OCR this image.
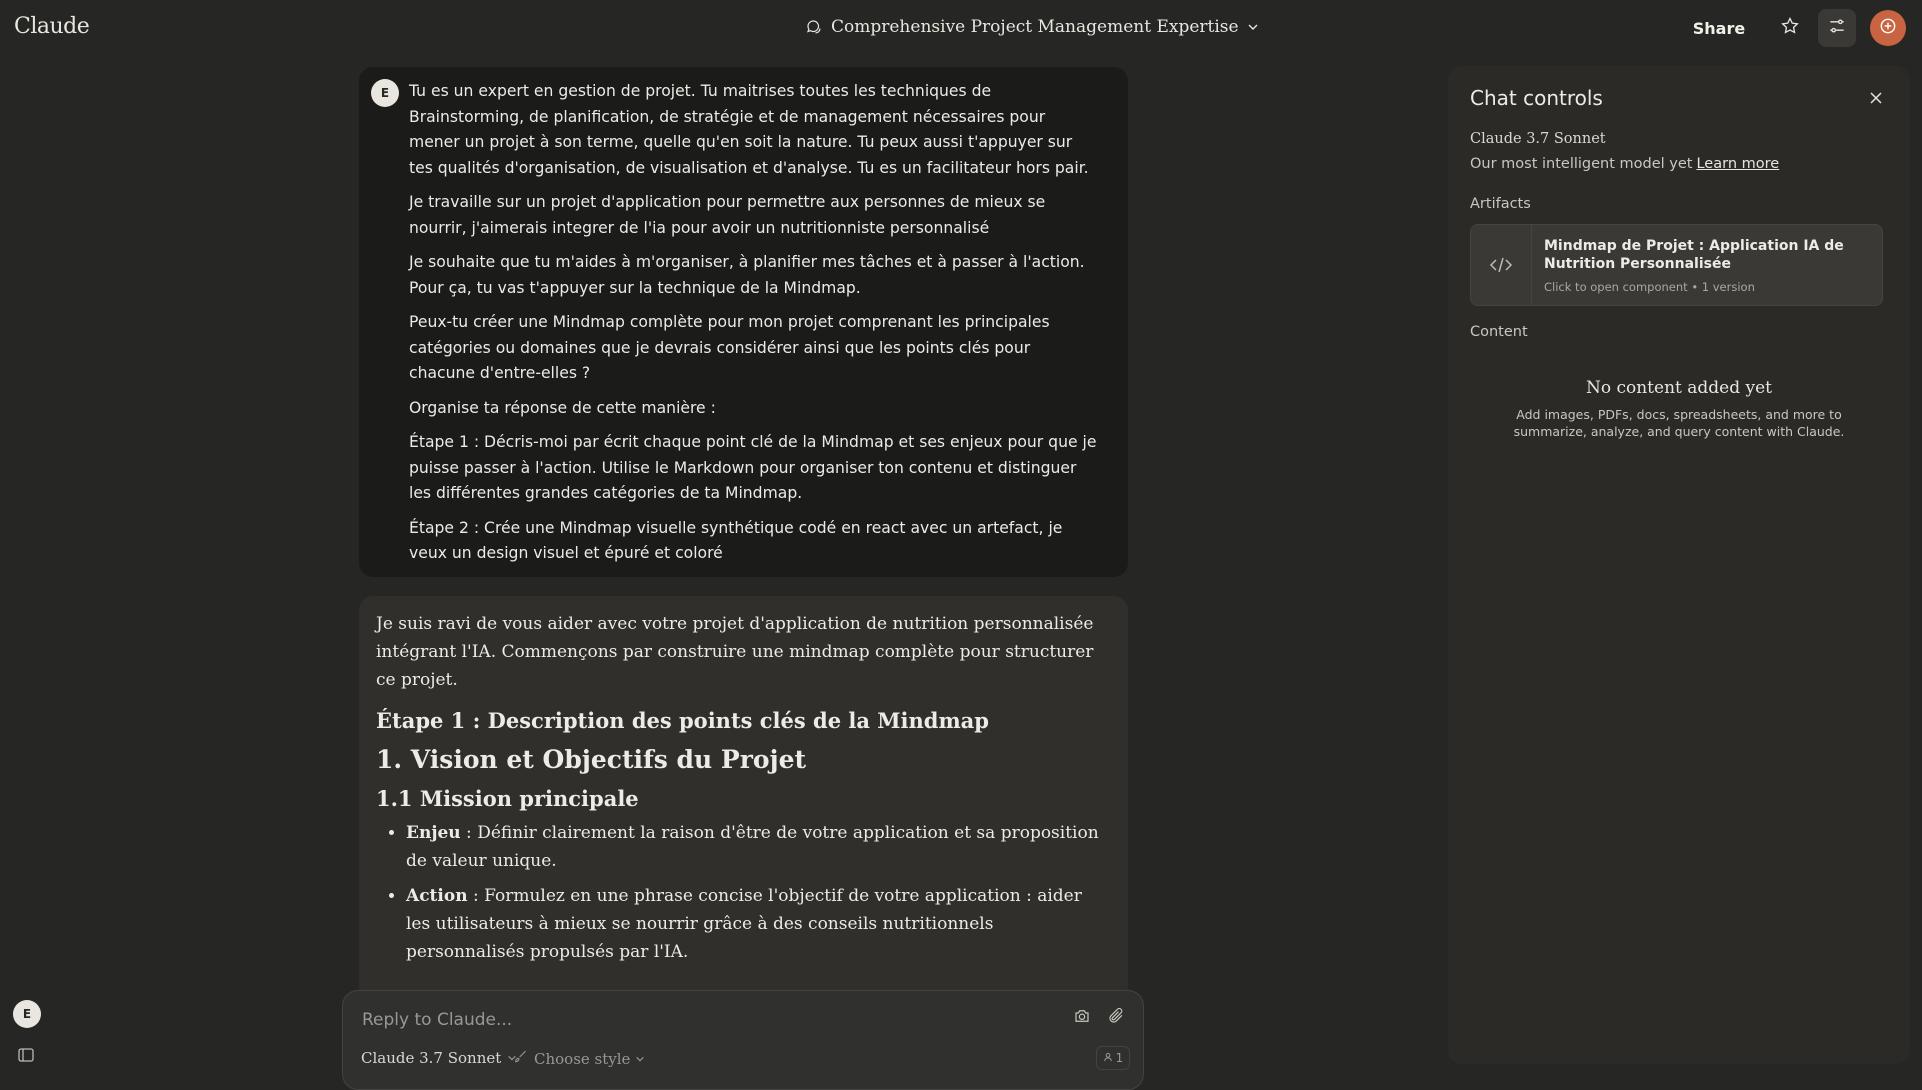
Claude	Comprehensive Project Management Expertise	Share
E
E	Tu es un expert en gestion de projet. Tu maitrises toutes les techniques de Brainstorming, de planification, de stratégie et de management nécessaires pour mener un projet à son terme, quelle qu'en soit la nature. Tu peux aussi t'appuyer sur tes qualités d'organisation, de visualisation et d'analyse. Tu es un facilitateur hors pair.

Je travaille sur un projet d'application pour permettre aux personnes de mieux se nourrir, j'aimerais integrer de l'ia pour avoir un nutritionniste personnalisé

Je souhaite que tu m'aides à m'organiser, à planifier mes tâches et à passer à l'action. Pour ça, tu vas t'appuyer sur la technique de la Mindmap.

Peux-tu créer une Mindmap complète pour mon projet comprenant les principales catégories ou domaines que je devrais considérer ainsi que les points clés pour chacune d'entre-elles ?

Organise ta réponse de cette manière :

Étape 1 : Décris-moi par écrit chaque point clé de la Mindmap et ses enjeux pour que je puisse passer à l'action. Utilise le Markdown pour organiser ton contenu et distinguer les différentes grandes catégories de ta Mindmap.

Étape 2 : Crée une Mindmap visuelle synthétique codé en react avec un artefact, je veux un design visuel et épuré et coloré

Je suis ravi de vous aider avec votre projet d'application de nutrition personnalisée intégrant l'IA. Commençons par construire une mindmap complète pour structurer ce projet.

Étape 1 : Description des points clés de la Mindmap
1. Vision et Objectifs du Projet
1.1 Mission principale
• Enjeu : Définir clairement la raison d'être de votre application et sa proposition de valeur unique.
• Action : Formulez en une phrase concise l'objectif de votre application : aider les utilisateurs à mieux se nourrir grâce à des conseils nutritionnels personnalisés propulsés par l'IA.
Reply to Claude...
Claude 3.7 Sonnet Choose style	1
Chat controls
Claude 3.7 Sonnet
Our most intelligent model yet Learn more
Artifacts
Mindmap de Projet : Application IA de Nutrition Personnalisée
Click to open component • 1 version
Content
No content added yet
Add images, PDFs, docs, spreadsheets, and more to summarize, analyze, and query content with Claude.
